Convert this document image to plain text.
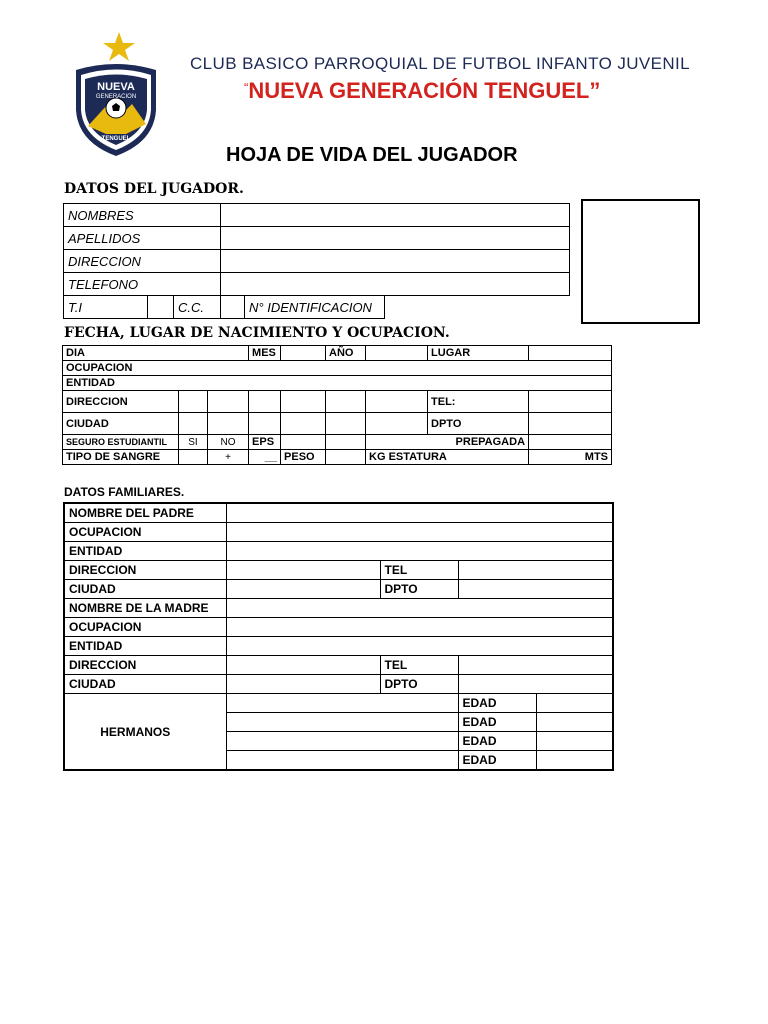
NUEVA
GENERACION
TENGUEL
CLUB BASICO PARROQUIAL DE FUTBOL INFANTO JUVENIL
“NUEVA GENERACIÓN TENGUEL”
HOJA DE VIDA DEL JUGADOR
DATOS DEL JUGADOR.
NOMBRES					
APELLIDOS					
DIRECCION					
TELEFONO					
T.I		C.C.		N° IDENTIFICACION	
FECHA, LUGAR DE NACIMIENTO Y OCUPACION.
DIA			MES		AÑO		LUGAR	
OCUPACION								
ENTIDAD								
DIRECCION							TEL:	
CIUDAD							DPTO	
SEGURO ESTUDIANTIL	SI	NO	EPS			PREPAGADA		
TIPO DE SANGRE		+	__	PESO		KG ESTATURA		MTS
DATOS FAMILIARES.
NOMBRE DEL PADRE				
OCUPACION				
ENTIDAD				
DIRECCION		TEL		
CIUDAD		DPTO		
NOMBRE DE LA MADRE				
OCUPACION				
ENTIDAD				
DIRECCION		TEL		
CIUDAD		DPTO		
HERMANOS			EDAD	
			EDAD	
			EDAD	
			EDAD	
